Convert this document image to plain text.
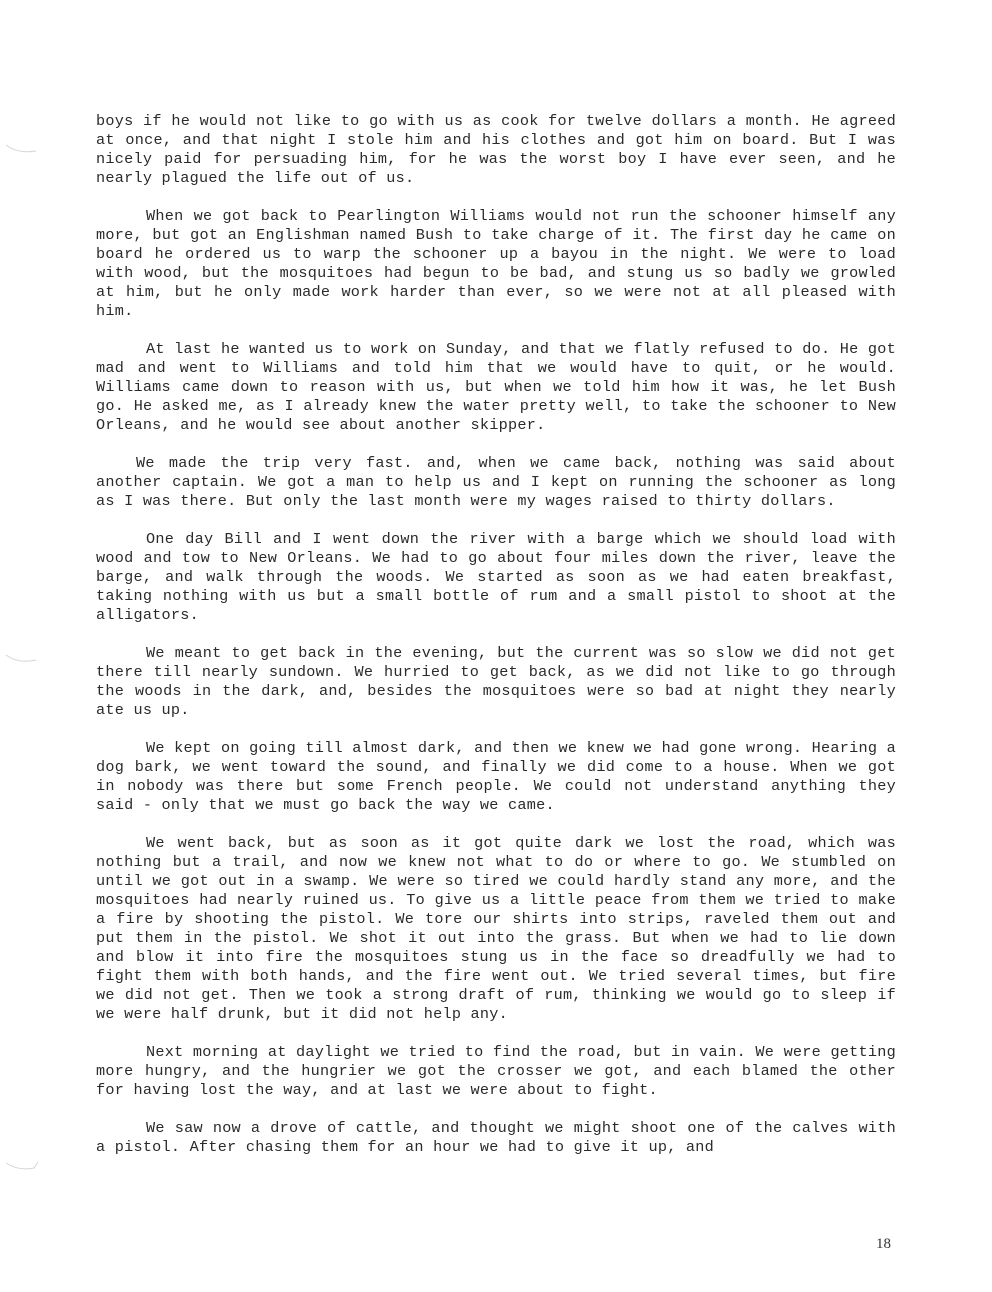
boys if he would not like to go with us as cook for twelve dollars a month. He agreed at once, and that night I stole him and his clothes and got him on board. But I was nicely paid for persuading him, for he was the worst boy I have ever seen, and he nearly plagued the life out of us.

When we got back to Pearlington Williams would not run the schooner himself any more, but got an Englishman named Bush to take charge of it. The first day he came on board he ordered us to warp the schooner up a bayou in the night. We were to load with wood, but the mosquitoes had begun to be bad, and stung us so badly we growled at him, but he only made work harder than ever, so we were not at all pleased with him.

At last he wanted us to work on Sunday, and that we flatly refused to do. He got mad and went to Williams and told him that we would have to quit, or he would. Williams came down to reason with us, but when we told him how it was, he let Bush go. He asked me, as I already knew the water pretty well, to take the schooner to New Orleans, and he would see about another skipper.

We made the trip very fast. and, when we came back, nothing was said about another captain. We got a man to help us and I kept on running the schooner as long as I was there. But only the last month were my wages raised to thirty dollars.

One day Bill and I went down the river with a barge which we should load with wood and tow to New Orleans. We had to go about four miles down the river, leave the barge, and walk through the woods. We started as soon as we had eaten breakfast, taking nothing with us but a small bottle of rum and a small pistol to shoot at the alligators.

We meant to get back in the evening, but the current was so slow we did not get there till nearly sundown. We hurried to get back, as we did not like to go through the woods in the dark, and, besides the mosquitoes were so bad at night they nearly ate us up.

We kept on going till almost dark, and then we knew we had gone wrong. Hearing a dog bark, we went toward the sound, and finally we did come to a house. When we got in nobody was there but some French people. We could not understand anything they said - only that we must go back the way we came.

We went back, but as soon as it got quite dark we lost the road, which was nothing but a trail, and now we knew not what to do or where to go. We stumbled on until we got out in a swamp. We were so tired we could hardly stand any more, and the mosquitoes had nearly ruined us. To give us a little peace from them we tried to make a fire by shooting the pistol. We tore our shirts into strips, raveled them out and put them in the pistol. We shot it out into the grass. But when we had to lie down and blow it into fire the mosquitoes stung us in the face so dreadfully we had to fight them with both hands, and the fire went out. We tried several times, but fire we did not get. Then we took a strong draft of rum, thinking we would go to sleep if we were half drunk, but it did not help any.

Next morning at daylight we tried to find the road, but in vain. We were getting more hungry, and the hungrier we got the crosser we got, and each blamed the other for having lost the way, and at last we were about to fight.

We saw now a drove of cattle, and thought we might shoot one of the calves with a pistol. After chasing them for an hour we had to give it up, and

18
